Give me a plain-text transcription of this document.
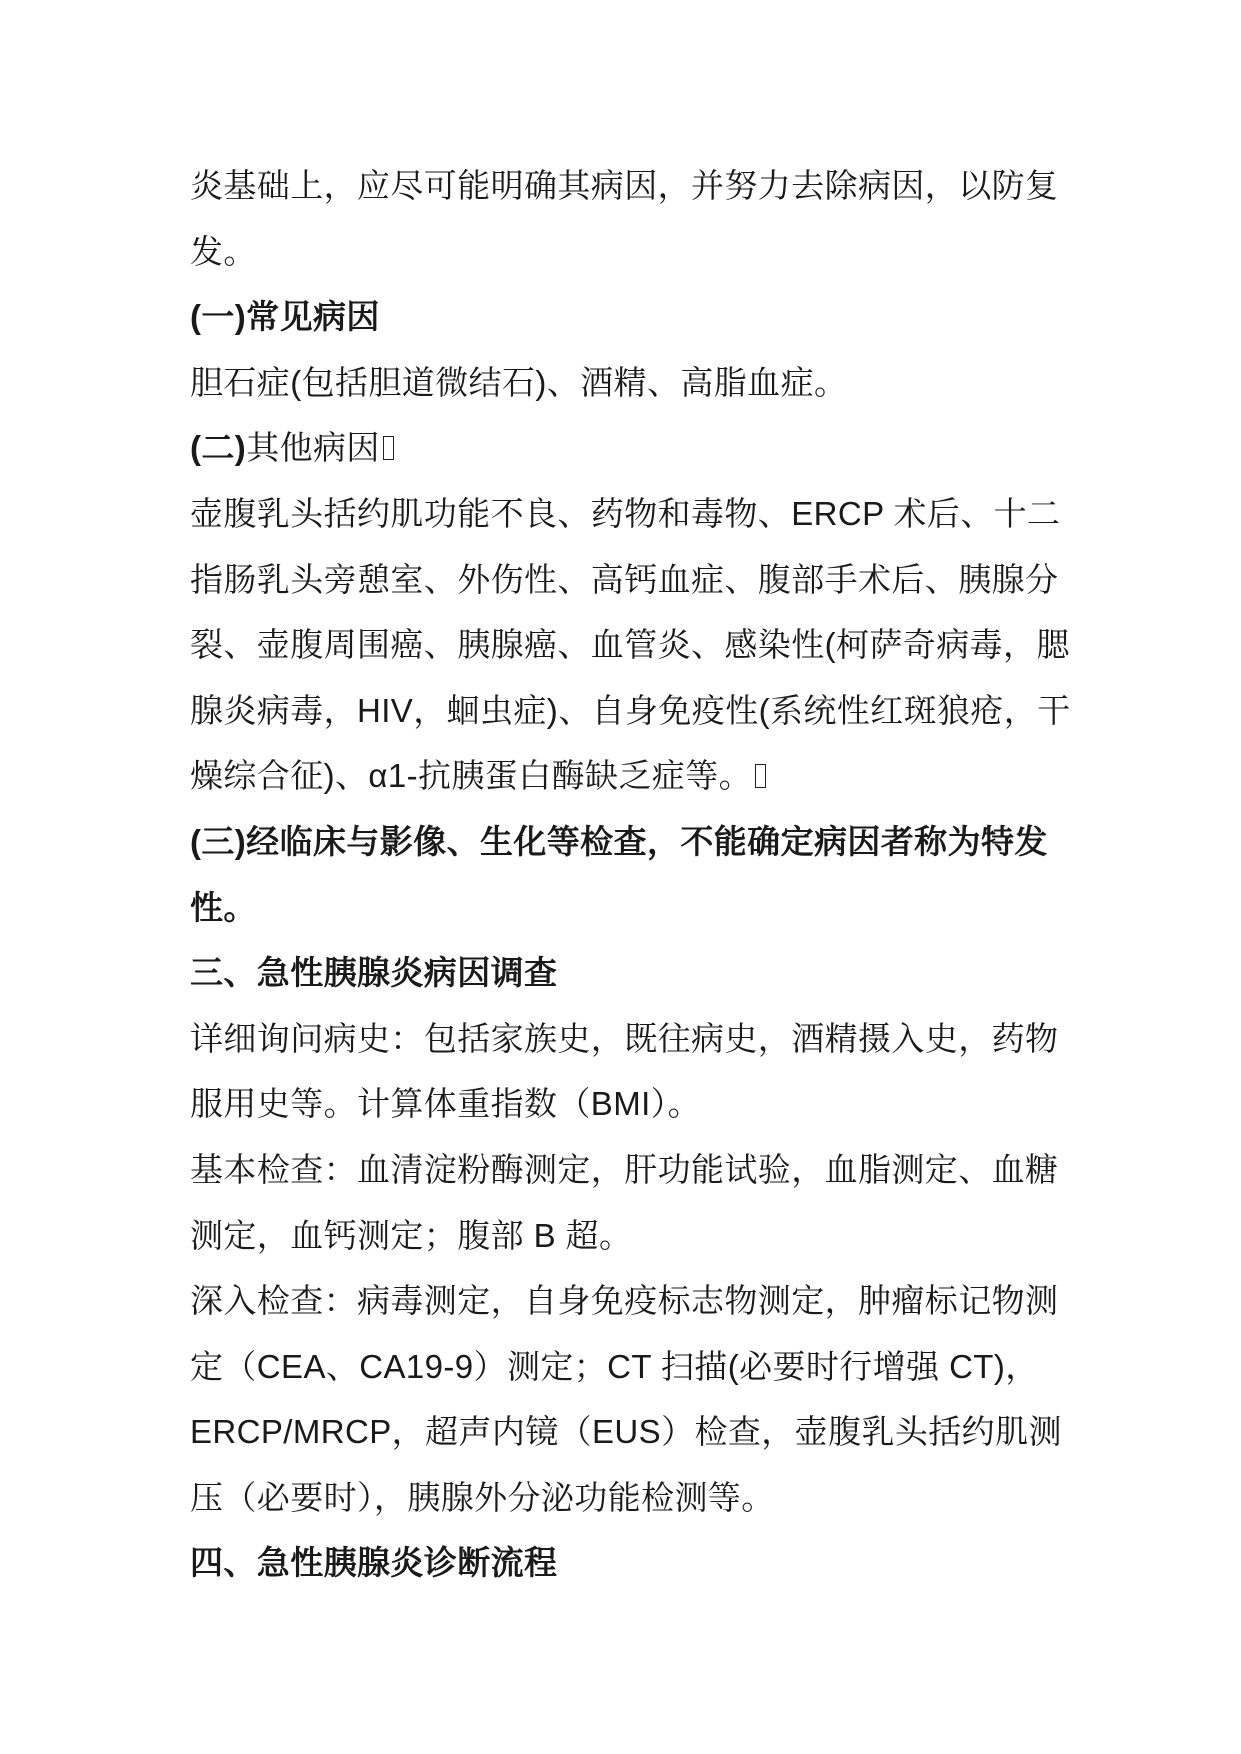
炎基础上，应尽可能明确其病因，并努力去除病因，以防复
发。
(一)常见病因
胆石症(包括胆道微结石)、酒精、高脂血症。
(二)其他病因
壶腹乳头括约肌功能不良、药物和毒物、ERCP 术后、十二
指肠乳头旁憩室、外伤性、高钙血症、腹部手术后、胰腺分
裂、壶腹周围癌、胰腺癌、血管炎、感染性(柯萨奇病毒，腮
腺炎病毒，HIV，蛔虫症)、自身免疫性(系统性红斑狼疮，干
燥综合征)、α1-抗胰蛋白酶缺乏症等。
(三)经临床与影像、生化等检查，不能确定病因者称为特发
性。
三、急性胰腺炎病因调查
详细询问病史：包括家族史，既往病史，酒精摄入史，药物
服用史等。计算体重指数（BMI）。
基本检查：血清淀粉酶测定，肝功能试验，血脂测定、血糖
测定，血钙测定；腹部 B 超。
深入检查：病毒测定，自身免疫标志物测定，肿瘤标记物测
定（CEA、CA19-9）测定；CT 扫描(必要时行增强 CT)，
ERCP/MRCP，超声内镜（EUS）检查，壶腹乳头括约肌测
压（必要时），胰腺外分泌功能检测等。
四、急性胰腺炎诊断流程
